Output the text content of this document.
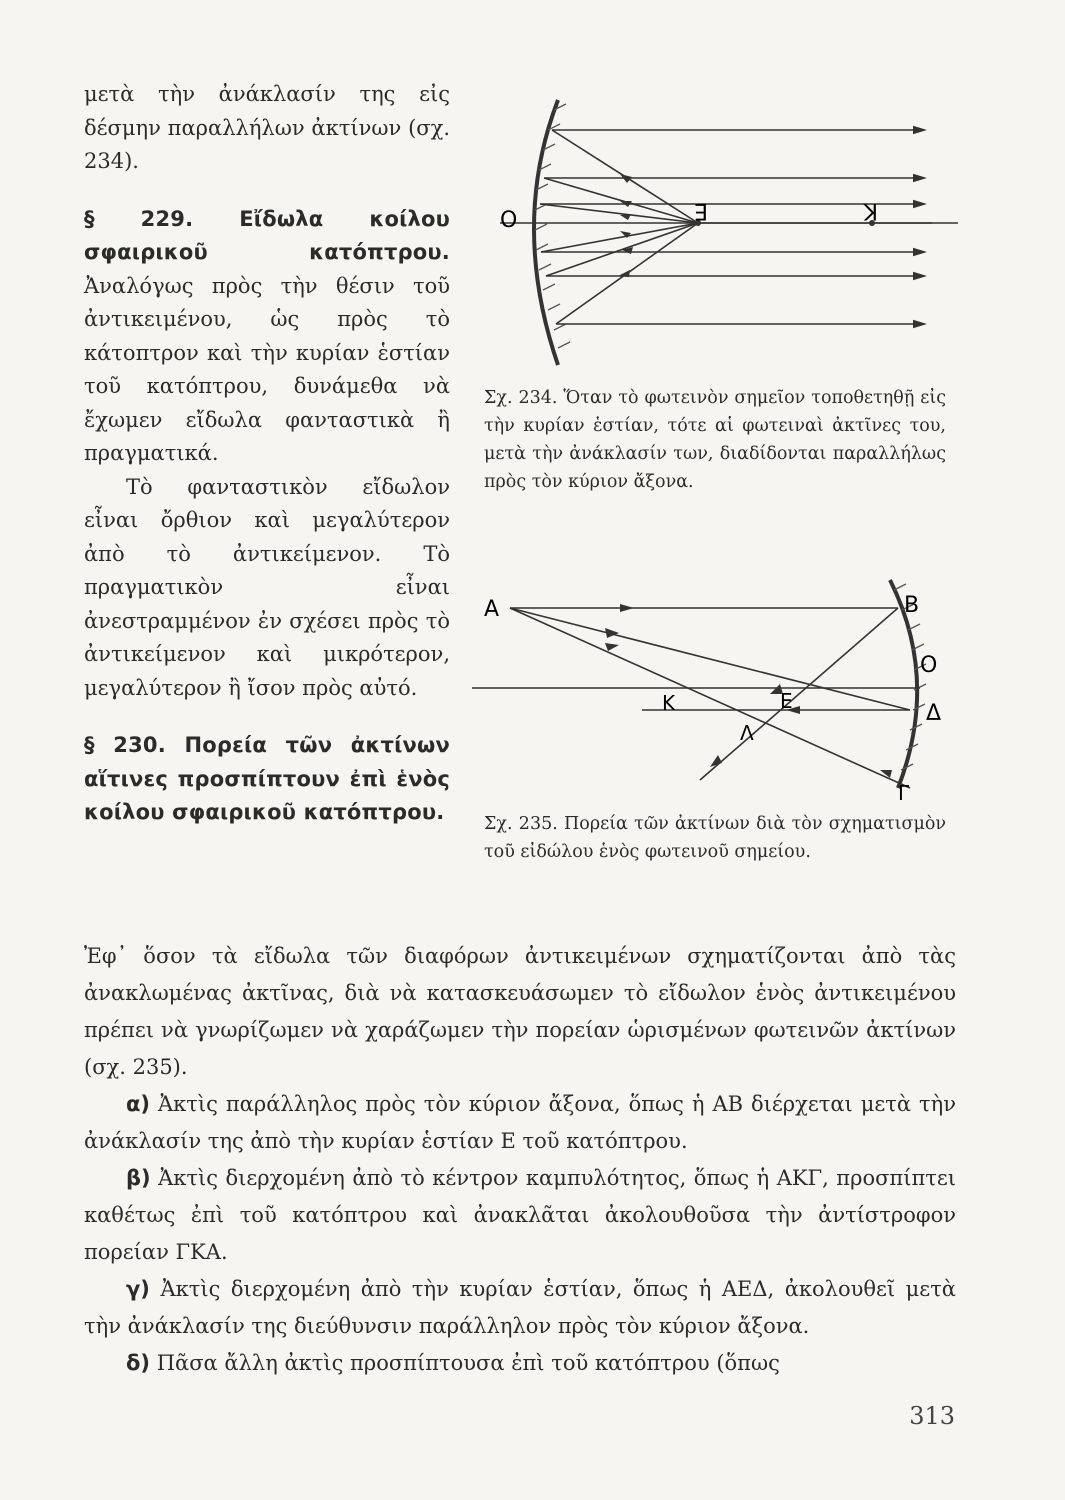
μετὰ τὴν ἀνάκλασίν της εἰς δέσμην παραλλήλων ἀκτίνων (σχ. 234).

§ 229. Εἴδωλα κοίλου σφαιρικοῦ κατόπτρου. Ἀναλόγως πρὸς τὴν θέσιν τοῦ ἀντικειμένου, ὡς πρὸς τὸ κάτοπτρον καὶ τὴν κυρίαν ἑστίαν τοῦ κατόπτρου, δυνάμεθα νὰ ἔχωμεν εἴδωλα φανταστικὰ ἢ πραγματικά.

Τὸ φανταστικὸν εἴδωλον εἶναι ὄρθιον καὶ μεγαλύτερον ἀπὸ τὸ ἀντικείμενον. Τὸ πραγματικὸν εἶναι ἀνεστραμμένον ἐν σχέσει πρὸς τὸ ἀντικείμενον καὶ μικρότερον, μεγαλύτερον ἢ ἴσον πρὸς αὐτό.

§ 230. Πορεία τῶν ἀκτίνων αἵτινες προσπίπτουν ἐπὶ ἑνὸς κοίλου σφαιρικοῦ κατόπτρου.

O	E	K
Σχ. 234. Ὅταν τὸ φωτεινὸν σημεῖον τοποθετηθῇ εἰς τὴν κυρίαν ἑστίαν, τότε αἱ φωτειναὶ ἀκτῖνες του, μετὰ τὴν ἀνάκλασίν των, διαδίδονται παραλλήλως πρὸς τὸν κύριον ἄξονα.
A	B
O
Δ
E
K
Λ
Γ
Σχ. 235. Πορεία τῶν ἀκτίνων διὰ τὸν σχηματισμὸν τοῦ εἰδώλου ἑνὸς φωτεινοῦ σημείου.

Ἐφ᾽ ὅσον τὰ εἴδωλα τῶν διαφόρων ἀντικειμένων σχηματίζονται ἀπὸ τὰς ἀνακλωμένας ἀκτῖνας, διὰ νὰ κατασκευάσωμεν τὸ εἴδωλον ἑνὸς ἀντικειμένου πρέπει νὰ γνωρίζωμεν νὰ χαράζωμεν τὴν πορείαν ὡρισμένων φωτεινῶν ἀκτίνων (σχ. 235).

α) Ἀκτὶς παράλληλος πρὸς τὸν κύριον ἄξονα, ὅπως ἡ ΑΒ διέρχεται μετὰ τὴν ἀνάκλασίν της ἀπὸ τὴν κυρίαν ἑστίαν Ε τοῦ κατόπτρου.

β) Ἀκτὶς διερχομένη ἀπὸ τὸ κέντρον καμπυλότητος, ὅπως ἡ ΑΚΓ, προσπίπτει καθέτως ἐπὶ τοῦ κατόπτρου καὶ ἀνακλᾶται ἀκολουθοῦσα τὴν ἀντίστροφον πορείαν ΓΚΑ.

γ) Ἀκτὶς διερχομένη ἀπὸ τὴν κυρίαν ἑστίαν, ὅπως ἡ ΑΕΔ, ἀκολουθεῖ μετὰ τὴν ἀνάκλασίν της διεύθυνσιν παράλληλον πρὸς τὸν κύριον ἄξονα.

δ) Πᾶσα ἄλλη ἀκτὶς προσπίπτουσα ἐπὶ τοῦ κατόπτρου (ὅπως

313
